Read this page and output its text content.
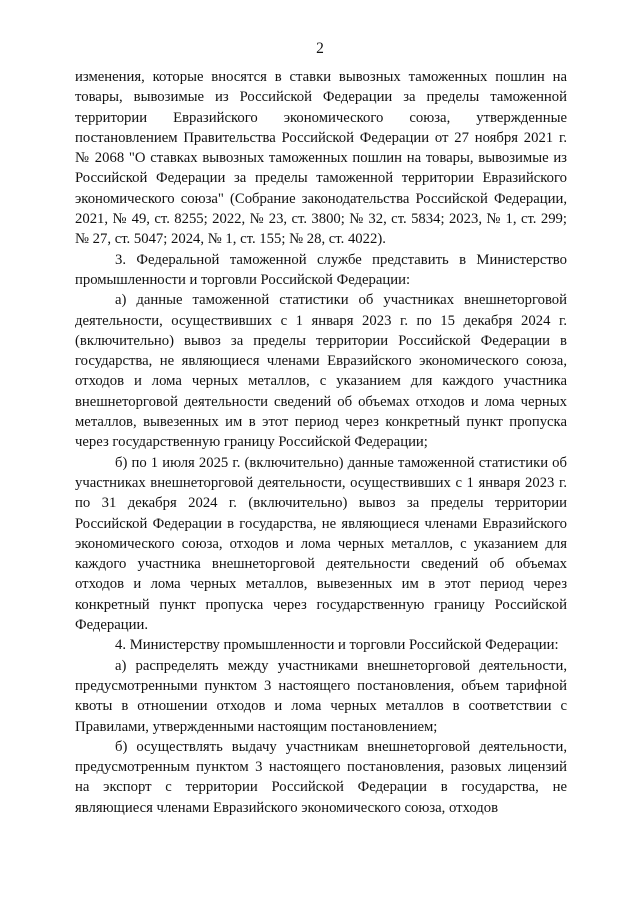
2

изменения, которые вносятся в ставки вывозных таможенных пошлин на товары, вывозимые из Российской Федерации за пределы таможенной территории Евразийского экономического союза, утвержденные постановлением Правительства Российской Федерации от 27 ноября 2021 г. № 2068 "О ставках вывозных таможенных пошлин на товары, вывозимые из Российской Федерации за пределы таможенной территории Евразийского экономического союза" (Собрание законодательства Российской Федерации, 2021, № 49, ст. 8255; 2022, № 23, ст. 3800; № 32, ст. 5834; 2023, № 1, ст. 299; № 27, ст. 5047; 2024, № 1, ст. 155; № 28, ст. 4022).

3. Федеральной таможенной службе представить в Министерство промышленности и торговли Российской Федерации:

а) данные таможенной статистики об участниках внешнеторговой деятельности, осуществивших с 1 января 2023 г. по 15 декабря 2024 г. (включительно) вывоз за пределы территории Российской Федерации в государства, не являющиеся членами Евразийского экономического союза, отходов и лома черных металлов, с указанием для каждого участника внешнеторговой деятельности сведений об объемах отходов и лома черных металлов, вывезенных им в этот период через конкретный пункт пропуска через государственную границу Российской Федерации;

б) по 1 июля 2025 г. (включительно) данные таможенной статистики об участниках внешнеторговой деятельности, осуществивших с 1 января 2023 г. по 31 декабря 2024 г. (включительно) вывоз за пределы территории Российской Федерации в государства, не являющиеся членами Евразийского экономического союза, отходов и лома черных металлов, с указанием для каждого участника внешнеторговой деятельности сведений об объемах отходов и лома черных металлов, вывезенных им в этот период через конкретный пункт пропуска через государственную границу Российской Федерации.

4. Министерству промышленности и торговли Российской Федерации:

а) распределять между участниками внешнеторговой деятельности, предусмотренными пунктом 3 настоящего постановления, объем тарифной квоты в отношении отходов и лома черных металлов в соответствии с Правилами, утвержденными настоящим постановлением;

б) осуществлять выдачу участникам внешнеторговой деятельности, предусмотренным пунктом 3 настоящего постановления, разовых лицензий на экспорт с территории Российской Федерации в государства, не являющиеся членами Евразийского экономического союза, отходов
